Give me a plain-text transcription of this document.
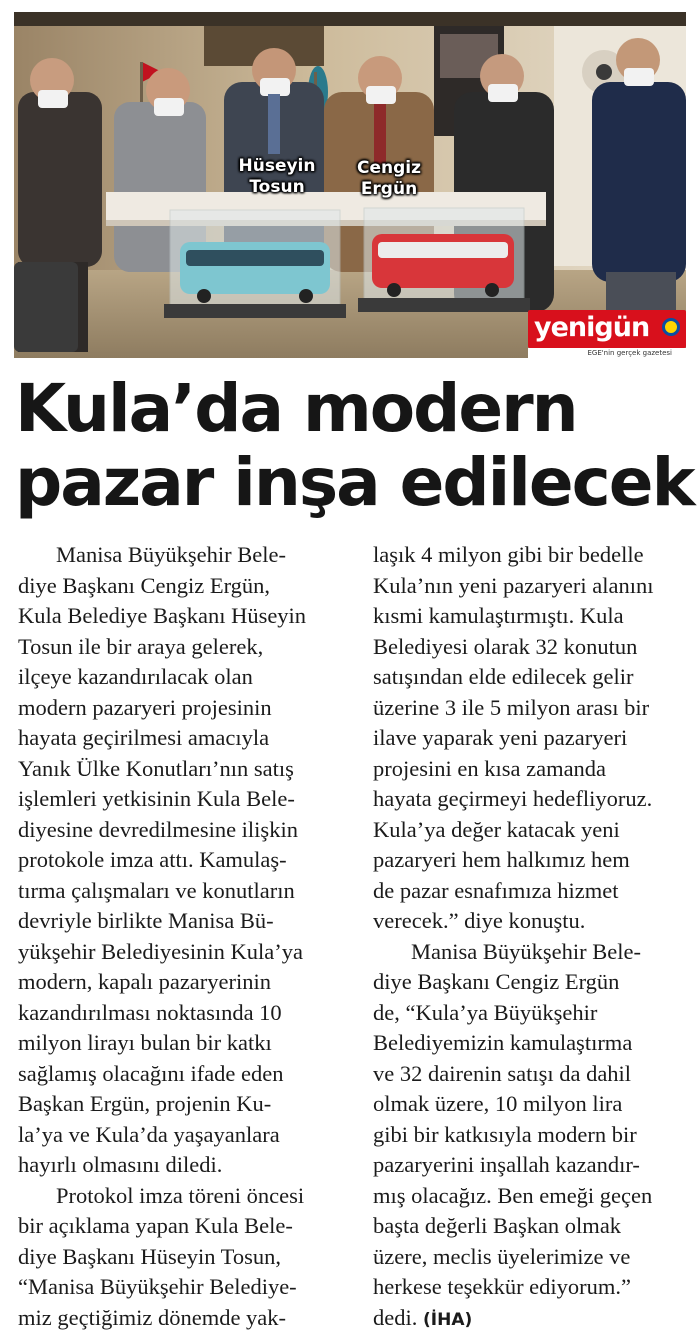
Hüseyin
Tosun
Cengiz
Ergün
yenigün
EGE'nin gerçek gazetesi
Kula’da modern
pazar inşa edilecek
Manisa Büyükşehir Bele-
diye Başkanı Cengiz Ergün,
Kula Belediye Başkanı Hüseyin
Tosun ile bir araya gelerek,
ilçeye kazandırılacak olan
modern pazaryeri projesinin
hayata geçirilmesi amacıyla
Yanık Ülke Konutları’nın satış
işlemleri yetkisinin Kula Bele-
diyesine devredilmesine ilişkin
protokole imza attı. Kamulaş-
tırma çalışmaları ve konutların
devriyle birlikte Manisa Bü-
yükşehir Belediyesinin Kula’ya
modern, kapalı pazaryerinin
kazandırılması noktasında 10
milyon lirayı bulan bir katkı
sağlamış olacağını ifade eden
Başkan Ergün, projenin Ku-
la’ya ve Kula’da yaşayanlara
hayırlı olmasını diledi.
Protokol imza töreni öncesi
bir açıklama yapan Kula Bele-
diye Başkanı Hüseyin Tosun,
“Manisa Büyükşehir Belediye-
miz geçtiğimiz dönemde yak-
laşık 4 milyon gibi bir bedelle
Kula’nın yeni pazaryeri alanını
kısmi kamulaştırmıştı. Kula
Belediyesi olarak 32 konutun
satışından elde edilecek gelir
üzerine 3 ile 5 milyon arası bir
ilave yaparak yeni pazaryeri
projesini en kısa zamanda
hayata geçirmeyi hedefliyoruz.
Kula’ya değer katacak yeni
pazaryeri hem halkımız hem
de pazar esnafımıza hizmet
verecek.” diye konuştu.
Manisa Büyükşehir Bele-
diye Başkanı Cengiz Ergün
de, “Kula’ya Büyükşehir
Belediyemizin kamulaştırma
ve 32 dairenin satışı da dahil
olmak üzere, 10 milyon lira
gibi bir katkısıyla modern bir
pazaryerini inşallah kazandır-
mış olacağız. Ben emeği geçen
başta değerli Başkan olmak
üzere, meclis üyelerimize ve
herkese teşekkür ediyorum.”
dedi. (İHA)
